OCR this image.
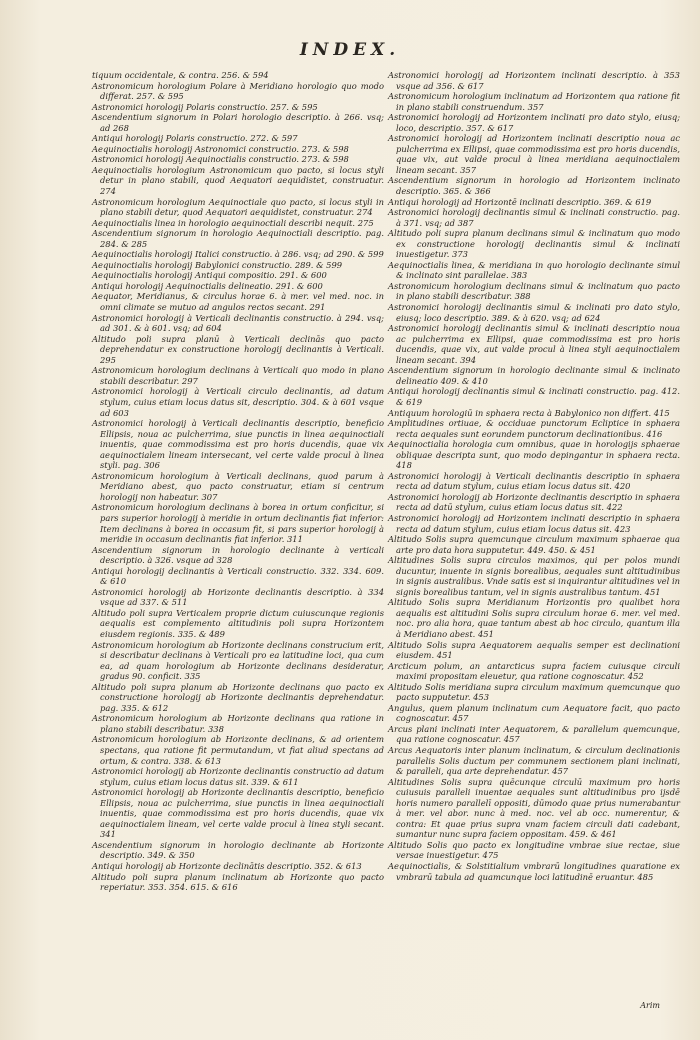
INDEX.

tiquum occidentale, & contra. 256. & 594

Astronomicum horologium Polare à Meridiano horologio quo modo differat. 257. & 595

Astronomici horologij Polaris constructio. 257. & 595

Ascendentium signorum in Polari horologio descriptio. à 266. vsq; ad 268

Antiqui horologij Polaris constructio. 272. & 597

Aequinoctialis horologij Astronomici constructio. 273. & 598

Astronomici horologij Aequinoctialis constructio. 273. & 598

Aequinoctialis horologium Astronomicum quo pacto, si locus styli detur in plano stabili, quod Aequatori aequidistet, construatur. 274

Astronomicum horologium Aequinoctiale quo pacto, si locus styli in plano stabili detur, quod Aequatori aequidistet, construatur. 274

Aequinoctialis linea in horologio aequinoctiali describi nequit. 275

Ascendentium signorum in horologio Aequinoctiali descriptio. pag. 284. & 285

Aequinoctialis horologij Italici constructio. à 286. vsq; ad 290. & 599

Aequinoctialis horologij Babylonici constructio. 289. & 599

Aequinoctialis horologij Antiqui compositio. 291. & 600

Antiqui horologij Aequinoctialis delineatio. 291. & 600

Aequator, Meridianus, & circulus horae 6. à mer. vel med. noc. in omni climate se mutuo ad angulos rectos secant. 291

Astronomici horologij à Verticali declinantis constructio. à 294. vsq; ad 301. & à 601. vsq; ad 604

Altitudo poli supra planū à Verticali declinās quo pacto deprehendatur ex constructione horologij declinantis à Verticali. 295

Astronomicum horologium declinans à Verticali quo modo in plano stabili describatur. 297

Astronomici horologij à Verticali circulo declinantis, ad datum stylum, cuius etiam locus datus sit, descriptio. 304. & à 601 vsque ad 603

Astronomici horologij à Verticali declinantis descriptio, beneficio Ellipsis, noua ac pulcherrima, siue punctis in linea aequinoctiali inuentis, quae commodissima est pro horis ducendis, quae vix aequinoctialem lineam intersecant, vel certe valde procul à linea styli. pag. 306

Astronomicum horologium à Verticali declinans, quod parum à Meridiano abest, quo pacto construatur, etiam si centrum horologij non habeatur. 307

Astronomicum horologium declinans à borea in ortum conficitur, si pars superior horologij à meridie in ortum declinantis fiat inferior: Item declinans à borea in occasum fit, si pars superior horologij à meridie in occasum declinantis fiat inferior. 311

Ascendentium signorum in horologio declinante à verticali descriptio. à 326. vsque ad 328

Antiqui horologij declinantis à Verticali constructio. 332. 334. 609. & 610

Astronomici horologij ab Horizonte declinantis descriptio. à 334 vsque ad 337. & 511

Altitudo poli supra Verticalem proprie dictum cuiuscunque regionis aequalis est complemento altitudinis poli supra Horizontem eiusdem regionis. 335. & 489

Astronomicum horologium ab Horizonte declinans construcium erit, si describatur declinans à Verticali pro ea latitudine loci, qua cum ea, ad quam horologium ab Horizonte declinans desideratur, gradus 90. conficit. 335

Altitudo poli supra planum ab Horizonte declinans quo pacto ex constructione horologij ab Horizonte declinantis deprehendatur. pag. 335. & 612

Astronomicum horologium ab Horizonte declinans qua ratione in plano stabili describatur. 338

Astronomicum horologium ab Horizonte declinans, & ad orientem spectans, qua ratione fit permutandum, vt fiat aliud spectans ad ortum, & contra. 338. & 613

Astronomici horologij ab Horizonte declinantis constructio ad datum stylum, cuius etiam locus datus sit. 339. & 611

Astronomici horologij ab Horizonte declinantis descriptio, beneficio Ellipsis, noua ac pulcherrima, siue punctis in linea aequinoctiali inuentis, quae commodissima est pro horis ducendis, quae vix aequinoctialem lineam, vel certe valde procul à linea styli secant. 341

Ascendentium signorum in horologio declinante ab Horizonte descriptio. 349. & 350

Antiqui horologij ab Horizonte declinātis descriptio. 352. & 613

Altitudo poli supra planum inclinatum ab Horizonte quo pacto reperiatur. 353. 354. 615. & 616

Astronomici horologij ad Horizontem inclinati descriptio. à 353 vsque ad 356. & 617

Astronomicum horologium inclinatum ad Horizontem qua ratione fit in plano stabili construendum. 357

Astronomici horologij ad Horizontem inclinati pro dato stylo, eiusq; loco, descriptio. 357. & 617

Astronomici horologij ad Horizontem inclinati descriptio noua ac pulcherrima ex Ellipsi, quae commodissima est pro horis ducendis, quae vix, aut valde procul à linea meridiana aequinoctialem lineam secant. 357

Ascendentium signorum in horologio ad Horizontem inclinato descriptio. 365. & 366

Antiqui horologij ad Horizontē inclinati descriptio. 369. & 619

Astronomici horologij declinantis simul & inclinati constructio. pag. à 371. vsq; ad 387

Altitudo poli supra planum declinans simul & inclinatum quo modo ex constructione horologij declinantis simul & inclinati inuestigetur. 373

Aequinoctialis linea, & meridiana in quo horologio declinante simul & inclinato sint parallelae. 383

Astronomicum horologium declinans simul & inclinatum quo pacto in plano stabili describatur. 388

Astronomici horologij declinantis simul & inclinati pro dato stylo, eiusq; loco descriptio. 389. & à 620. vsq; ad 624

Astronomici horologij declinantis simul & inclinati descriptio noua ac pulcherrima ex Ellipsi, quae commodissima est pro horis ducendis, quae vix, aut valde procul à linea styli aequinoctialem lineam secant. 394

Ascendentium signorum in horologio declinante simul & inclinato delineatio 409. & 410

Antiqui horologij declinantis simul & inclinati constructio. pag. 412. & 619

Antiquum horologiū in sphaera recta à Babylonico non differt. 415

Amplitudines ortiuae, & occiduae punctorum Ecliptice in sphaera recta aequales sunt eorundem punctorum declinationibus. 416

Aequinoctialia horologia cum omnibus, quae in horologijs sphaerae obliquae descripta sunt, quo modo depingantur in sphaera recta. 418

Astronomici horologij à Verticali declinantis descriptio in sphaera recta ad datum stylum, cuius etiam locus datus sit. 420

Astronomici horologij ab Horizonte declinantis descriptio in sphaera recta ad datū stylum, cuius etiam locus datus sit. 422

Astronomici horologij ad Horizontem inclinati descriptio in sphaera recta ad datum stylum, cuius etiam locus datus sit. 423

Altitudo Solis supra quemcunque circulum maximum sphaerae qua arte pro data hora supputetur. 449. 450. & 451

Altitudines Solis supra circulos maximos, qui per polos mundi ducuntur, inuente in signis borealibus, aequales sunt altitudinibus in signis australibus. Vnde satis est si inquirantur altitudines vel in signis borealibus tantum, vel in signis australibus tantum. 451

Altitudo Solis supra Meridianum Horizontis pro qualibet hora aequalis est altitudini Solis supra circulum horae 6. mer. vel med. noc. pro alia hora, quae tantum abest ab hoc circulo, quantum illa à Meridiano abest. 451

Altitudo Solis supra Aequatorem aequalis semper est declinationi eiusdem. 451

Arcticum polum, an antarcticus supra faciem cuiusque circuli maximi propositam eleuetur, qua ratione cognoscatur. 452

Altitudo Solis meridiana supra circulum maximum quemcunque quo pacto supputetur. 453

Angulus, quem planum inclinatum cum Aequatore facit, quo pacto cognoscatur. 457

Arcus plani inclinati inter Aequatorem, & parallelum quemcunque, qua ratione cognoscatur. 457

Arcus Aequatoris inter planum inclinatum, & circulum declinationis parallelis Solis ductum per communem sectionem plani inclinati, & paralleli, qua arte deprehendatur. 457

Altitudines Solis supra quēcunque circulū maximum pro horis cuiusuis paralleli inuentae aequales sunt altitudinibus pro ijsdē horis numero parallelī oppositi, dūmodo quae prius numerabantur à mer. vel abor. nunc à med. noc. vel ab occ. numerentur, & contra: Et quae prius supra vnam faciem circuli dati cadebant, sumantur nunc supra faciem oppositam. 459. & 461

Altitudo Solis quo pacto ex longitudine vmbrae siue rectae, siue versae inuestigetur. 475

Aequinoctialis, & Solstitialium vmbrarū longitudines quaratione ex vmbrarū tabula ad quamcunque loci latitudinē eruantur. 485

Arim
